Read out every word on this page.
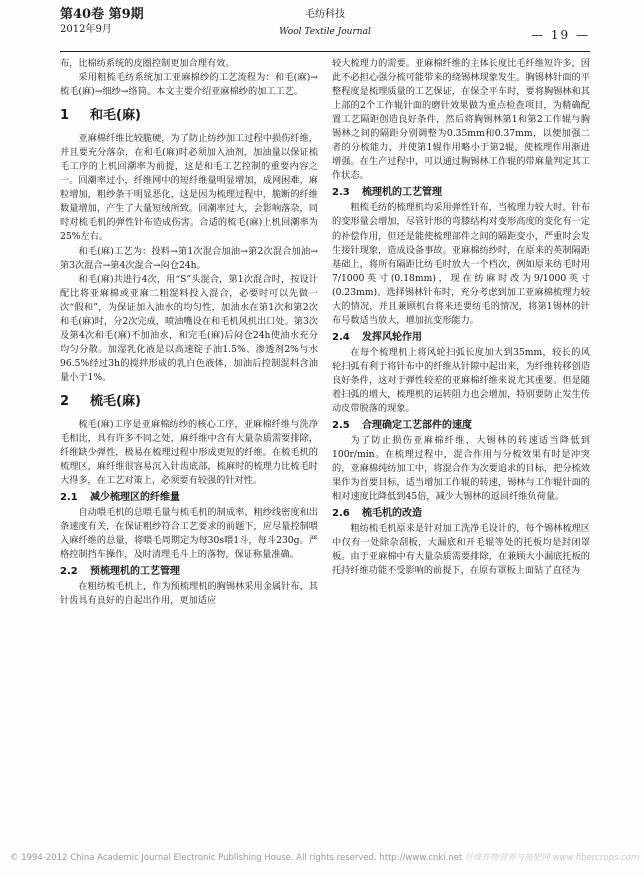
第40卷 第9期
2012年9月
毛纺科技
Wool Textile Journal	— 19 —

布，比棉纺系统的皮圈控制更加合理有效。

采用粗梳毛纺系统加工亚麻棉纱的工艺流程为：和毛(麻)→梳毛(麻)→细纱→络筒。本文主要介绍亚麻棉纱的加工工艺。

1 和毛(麻)

亚麻棉纤维比较脆硬，为了防止纺纱加工过程中损伤纤维，并且要充分落杂，在和毛(麻)时必须加入油剂，加油量以保证梳毛工序的上机回潮率为前提，这是和毛工艺控制的重要内容之一。回潮率过小，纤维网中的短纤维量明显增加，成网困难，麻粒增加，粗纱条干明显恶化，这是因为梳理过程中，脆断的纤维数量增加，产生了大量短绒所致。回潮率过大，会影响落杂，同时对梳毛机的弹性针布造成伤害。合适的梳毛(麻)上机回潮率为25%左右。

和毛(麻)工艺为：投料→第1次混合加油→第2次混合加油→第3次混合→第4次混合→闷仓24h。

和毛(麻)共进行4次，用“S”头混合，第1次混合时，按设计配比将亚麻棉或亚麻二粗混料投入混合，必要时可以先做一次“假和”，为保证加入油水的均匀性，加油水在第1次和第2次和毛(麻)时，分2次完成，喷油嘴设在和毛机风机出口处。第3次及第4次和毛(麻)不加油水，和完毛(麻)后闷仓24h使油水充分均匀分散。加湿乳化液是以高速锭子油1.5%、渗透剂2%与水96.5%经过3h的搅拌形成的乳白色液体，加油后控制混料含油量小于1%。

2 梳毛(麻)

梳毛(麻)工序是亚麻棉纺纱的核心工序，亚麻棉纤维与洗净毛相比，具有许多不同之处，麻纤维中含有大量杂质需要排除，纤维缺少弹性，极易在梳理过程中形成更短的纤维。在梳毛机的梳理区，麻纤维很容易沉入针齿底部，梳麻时的梳理力比梳毛时大得多，在工艺对策上，必须要有较强的针对性。

2.1 减少梳理区的纤维量

自动喂毛机的总喂毛量与梳毛机的制成率、粗纱线密度和出条速度有关，在保证粗纱符合工艺要求的前题下，应尽量控制喂入麻纤维的总量，将喂毛周期定为每30s喂1斗，每斗230g。严格控制挡车操作，及时清理毛斗上的落物，保证称量准确。

2.2 预梳理机的工艺管理

在粗纺梳毛机上，作为预梳理机的胸锡林采用金属针布，其针齿具有良好的自起出作用，更加适应

较大梳理力的需要。亚麻棉纤维的主体长度比毛纤维短许多，因此不必担心强分梳可能带来的绕锡林现象发生。胸锡林针面的平整程度是梳理质量的工艺保证，在保全平车时，要将胸锡林和其上部的2个工作辊针面的磨针效果做为重点检查项目，为精确配置工艺隔距创造良好条件，然后将胸锡林第1和第2工作辊与胸锡林之间的隔距分别调整为0.35mm和0.37mm，以便加强二者的分梳能力，并使第1辊作用略小于第2辊，使梳理作用渐进增强。在生产过程中，可以通过胸锡林工作辊的带麻量判定其工作状态。

2.3 梳理机的工艺管理

粗梳毛纺的梳理机均采用弹性针布，当梳理力较大时，针布的变形量会增加，尽管针形的弯膝结构对变形高度的变化有一定的补偿作用，但还是能使梳理部件之间的隔距变小，严重时会发生接针现象，造成设备事故。亚麻棉纺纱时，在原来的英制隔距基础上，将所有隔距比纺毛时放大一个档次，例如原来纺毛时用7/1000英寸(0.18mm)，现在纺麻时改为9/1000英寸(0.23mm)。选择锡林针布时，充分考虑到加工亚麻棉梳理力较大的情况，并且兼顾机台将来还要纺毛的情况，将第1锡林的针布号数适当放大，增加抗变形能力。

2.4 发挥风轮作用

在每个梳理机上将风轮扫弧长度加大到35mm，较长的风轮扫弧有利于将针布中的纤维从针隙中起出来，为纤维转移创造良好条件，这对于弹性较差的亚麻棉纤维来说尤其重要。但是随着扫弧的增大，梳理机的运转阻力也会增加，特别要防止发生传动皮带脱落的现象。

2.5 合理确定工艺部件的速度

为了防止损伤亚麻棉纤维，大锡林的转速适当降低到100r/min。在梳理过程中，混合作用与分梳效果有时是冲突的，亚麻棉纯纺加工中，将混合作为次要追求的目标，把分梳效果作为首要目标，适当增加工作辊的转速，锡林与工作辊针面的相对速度比降低到45倍，减少大锡林的返回纤维负荷量。

2.6 梳毛机的改造

粗纺梳毛机原来是针对加工洗净毛设计的，每个锡林梳理区中仅有一处除杂刮板，大漏底和开毛辊等处的托板均是封闭罩板。由于亚麻棉中有大量杂质需要排除，在兼顾大小漏底托板的托持纤维功能不受影响的前提下，在原有罩板上面钻了直径为

© 1994-2012 China Academic Journal Electronic Publishing House. All rights reserved. http://www.cnki.net 纤维作物营养与施肥网 www.fibercrops.com
